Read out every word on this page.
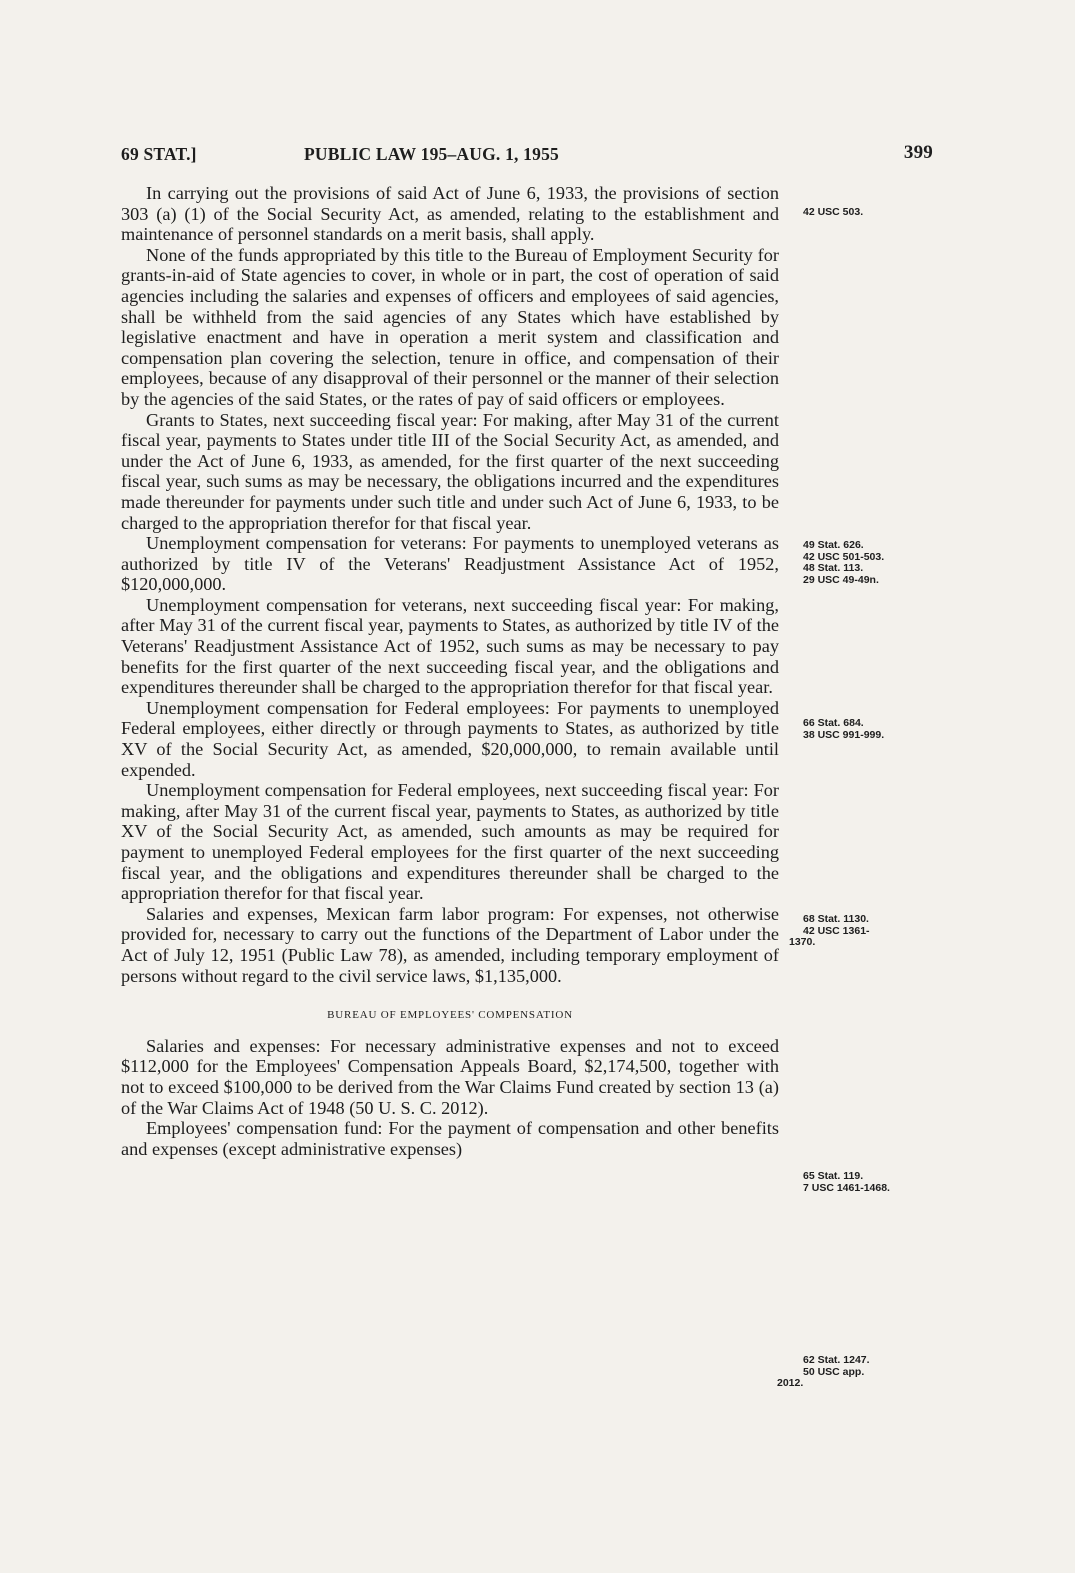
69 STAT.]	PUBLIC LAW 195–AUG. 1, 1955	399

In carrying out the provisions of said Act of June 6, 1933, the provisions of section 303 (a) (1) of the Social Security Act, as amended, relating to the establishment and maintenance of personnel standards on a merit basis, shall apply.

None of the funds appropriated by this title to the Bureau of Employment Security for grants-in-aid of State agencies to cover, in whole or in part, the cost of operation of said agencies including the salaries and expenses of officers and employees of said agencies, shall be withheld from the said agencies of any States which have established by legislative enactment and have in operation a merit system and classification and compensation plan covering the selection, tenure in office, and compensation of their employees, because of any disapproval of their personnel or the manner of their selection by the agencies of the said States, or the rates of pay of said officers or employees.

Grants to States, next succeeding fiscal year: For making, after May 31 of the current fiscal year, payments to States under title III of the Social Security Act, as amended, and under the Act of June 6, 1933, as amended, for the first quarter of the next succeeding fiscal year, such sums as may be necessary, the obligations incurred and the expenditures made thereunder for payments under such title and under such Act of June 6, 1933, to be charged to the appropriation therefor for that fiscal year.

Unemployment compensation for veterans: For payments to unemployed veterans as authorized by title IV of the Veterans' Readjustment Assistance Act of 1952, $120,000,000.

Unemployment compensation for veterans, next succeeding fiscal year: For making, after May 31 of the current fiscal year, payments to States, as authorized by title IV of the Veterans' Readjustment Assistance Act of 1952, such sums as may be necessary to pay benefits for the first quarter of the next succeeding fiscal year, and the obligations and expenditures thereunder shall be charged to the appropriation therefor for that fiscal year.

Unemployment compensation for Federal employees: For payments to unemployed Federal employees, either directly or through payments to States, as authorized by title XV of the Social Security Act, as amended, $20,000,000, to remain available until expended.

Unemployment compensation for Federal employees, next succeeding fiscal year: For making, after May 31 of the current fiscal year, payments to States, as authorized by title XV of the Social Security Act, as amended, such amounts as may be required for payment to unemployed Federal employees for the first quarter of the next succeeding fiscal year, and the obligations and expenditures thereunder shall be charged to the appropriation therefor for that fiscal year.

Salaries and expenses, Mexican farm labor program: For expenses, not otherwise provided for, necessary to carry out the functions of the Department of Labor under the Act of July 12, 1951 (Public Law 78), as amended, including temporary employment of persons without regard to the civil service laws, $1,135,000.

BUREAU OF EMPLOYEES' COMPENSATION

Salaries and expenses: For necessary administrative expenses and not to exceed $112,000 for the Employees' Compensation Appeals Board, $2,174,500, together with not to exceed $100,000 to be derived from the War Claims Fund created by section 13 (a) of the War Claims Act of 1948 (50 U. S. C. 2012).

Employees' compensation fund: For the payment of compensation and other benefits and expenses (except administrative expenses)

42 USC 503.
49 Stat. 626.
42 USC 501-503.
48 Stat. 113.
29 USC 49-49n.
66 Stat. 684.
38 USC 991-999.
68 Stat. 1130.
42 USC 1361-
1370.
65 Stat. 119.
7 USC 1461-1468.
62 Stat. 1247.
50 USC app.
2012.
